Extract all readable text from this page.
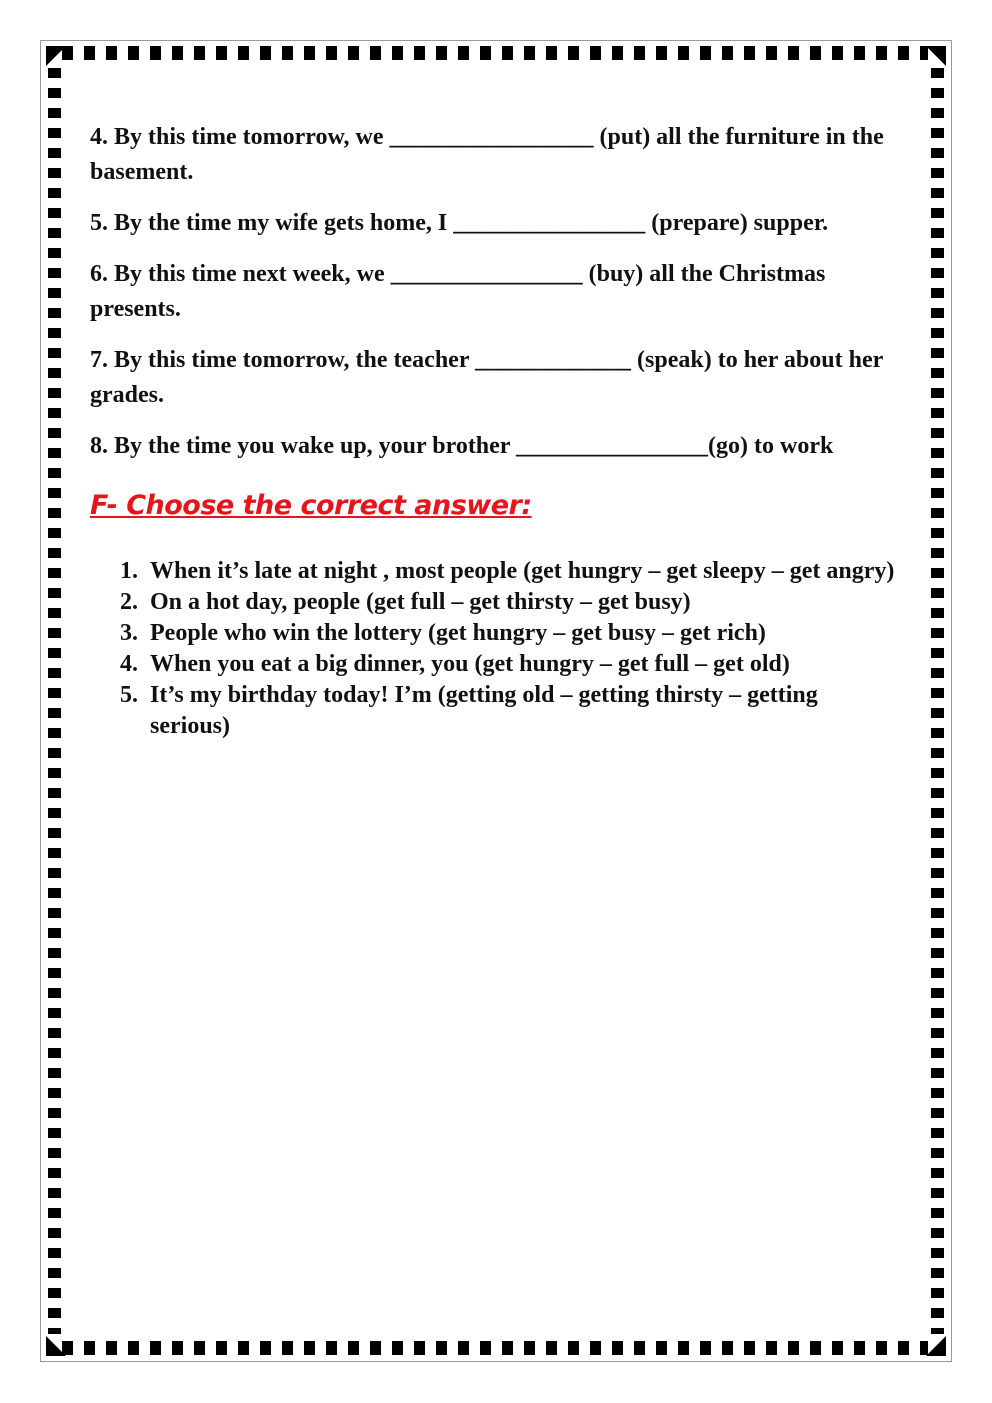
4. By this time tomorrow, we _________________ (put) all the furniture in the basement.

5. By the time my wife gets home, I ________________ (prepare) supper.

6. By this time next week, we ________________ (buy) all the Christmas presents.

7. By this time tomorrow, the teacher _____________ (speak) to her about her grades.

8. By the time you wake up, your brother ________________(go) to work

F- Choose the correct answer:
1. When it’s late at night , most people (get hungry – get sleepy – get angry)
2. On a hot day, people (get full – get thirsty – get busy)
3. People who win the lottery (get hungry – get busy – get rich)
4. When you eat a big dinner, you (get hungry – get full – get old)
5. It’s my birthday today! I’m (getting old – getting thirsty – getting serious)
